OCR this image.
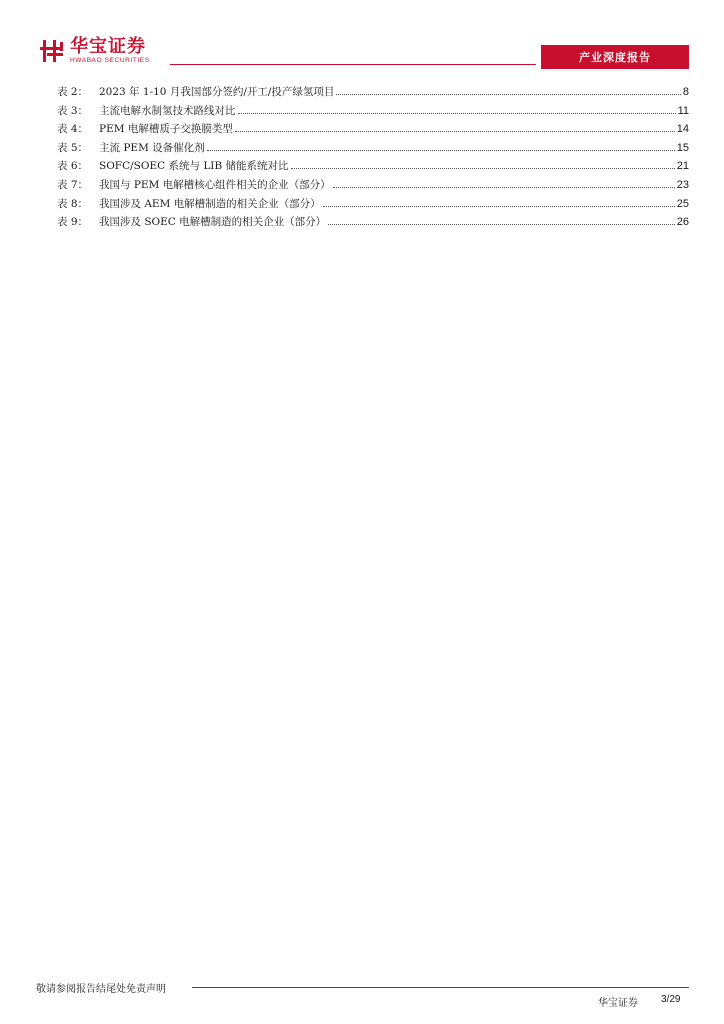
华宝证券
HWABAO SECURITIES	产业深度报告
表 2：	2023 年 1-10 月我国部分签约/开工/投产绿氢项目	8
表 3：	主流电解水制氢技术路线对比	11
表 4：	PEM 电解槽质子交换膜类型	14
表 5：	主流 PEM 设备催化剂	15
表 6：	SOFC/SOEC 系统与 LIB 储能系统对比	21
表 7：	我国与 PEM 电解槽核心组件相关的企业（部分）	23
表 8：	我国涉及 AEM 电解槽制造的相关企业（部分）	25
表 9：	我国涉及 SOEC 电解槽制造的相关企业（部分）	26
敬请参阅报告结尾处免责声明
华宝证券 3/29
